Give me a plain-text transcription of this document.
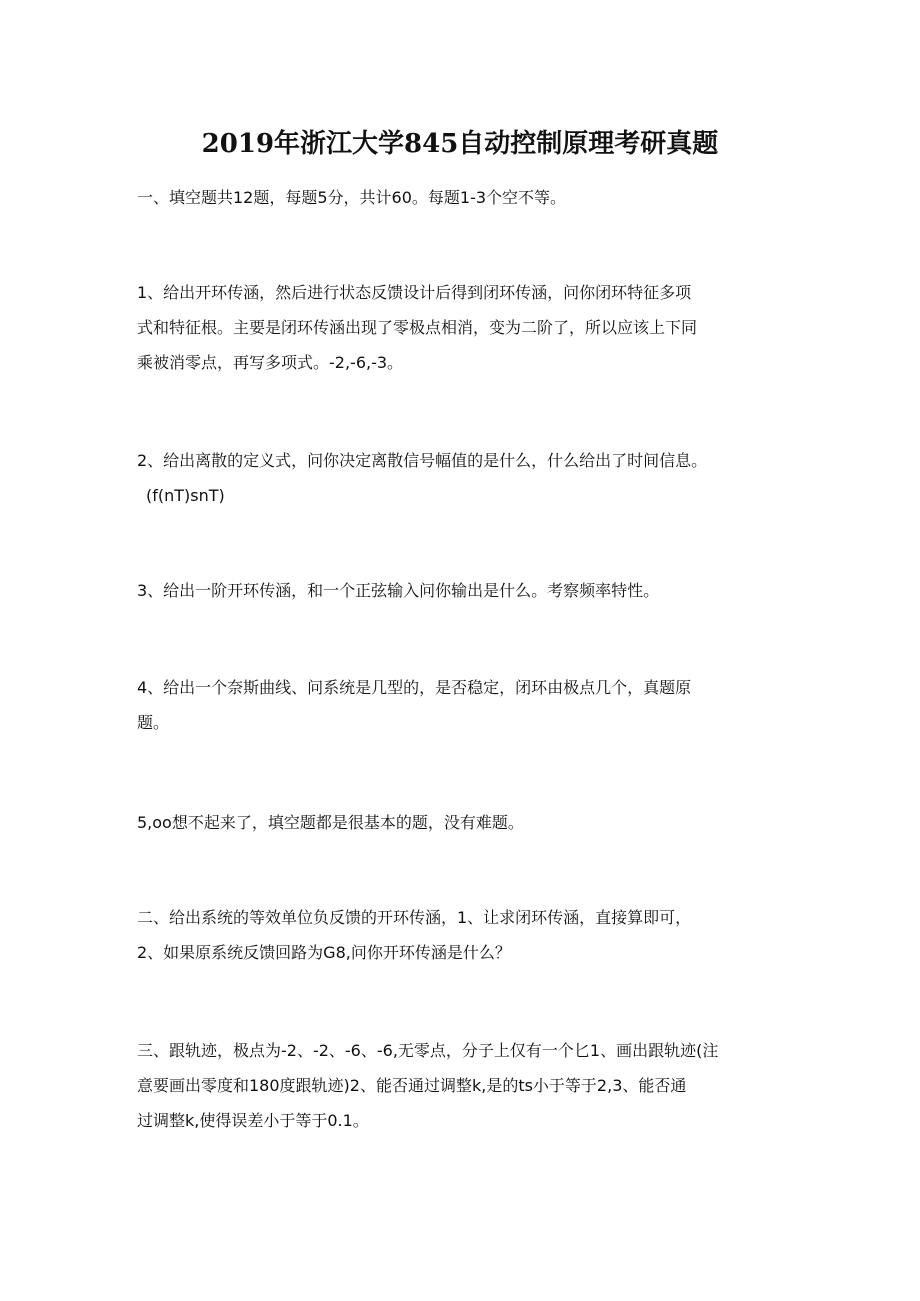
2019年浙江大学845自动控制原理考研真题

一、填空题共12题，每题5分，共计60。每题1-3个空不等。

1、给出开环传涵，然后进行状态反馈设计后得到闭环传涵，问你闭环特征多项
式和特征根。主要是闭环传涵出现了零极点相消，变为二阶了，所以应该上下同
乘被消零点，再写多项式。-2,-6,-3。

2、给出离散的定义式，问你决定离散信号幅值的是什么，什么给出了时间信息。
(f(nT)snT)

3、给出一阶开环传涵，和一个正弦输入问你输出是什么。考察频率特性。

4、给出一个奈斯曲线、问系统是几型的，是否稳定，闭环由极点几个，真题原
题。

5,oo想不起来了，填空题都是很基本的题，没有难题。

二、给出系统的等效单位负反馈的开环传涵，1、让求闭环传涵，直接算即可，
2、如果原系统反馈回路为G8,问你开环传涵是什么？

三、跟轨迹，极点为-2、-2、-6、-6,无零点，分子上仅有一个匕1、画出跟轨迹(注
意要画出零度和180度跟轨迹)2、能否通过调整k,是的ts小于等于2,3、能否通
过调整k,使得误差小于等于0.1。
